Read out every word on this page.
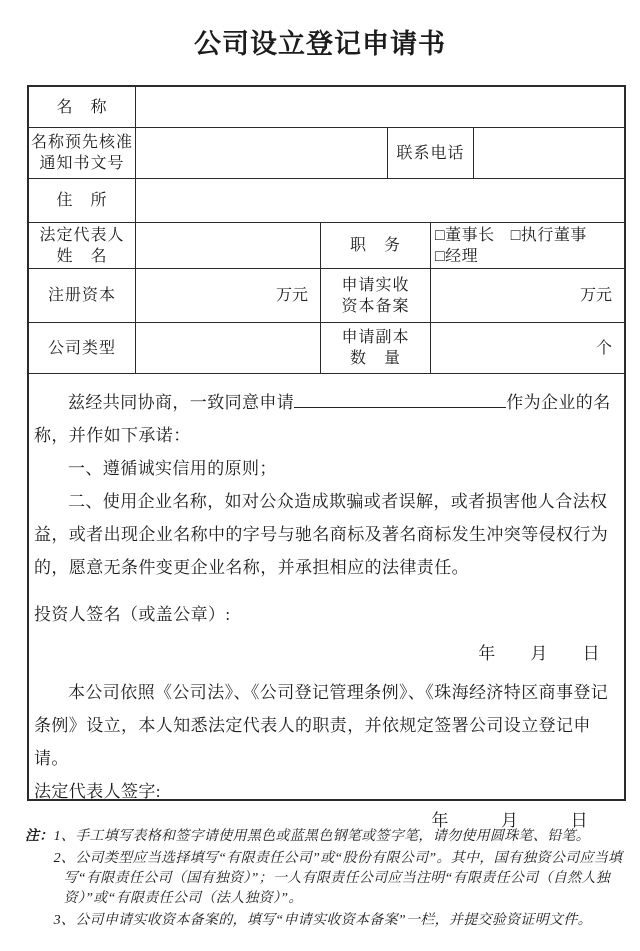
公司设立登记申请书
名　称
名称预先核准
通知书文号
联系电话
住　所
法定代表人
姓　名
职　务
□董事长 □执行董事
□经理
注册资本	万元
申请实收
资本备案
万元
公司类型
申请副本
数　量
个

兹经共同协商，一致同意申请	作为企业的名称，并作如下承诺：

一、遵循诚实信用的原则；

二、使用企业名称，如对公众造成欺骗或者误解，或者损害他人合法权益，或者出现企业名称中的字号与驰名商标及著名商标发生冲突等侵权行为的，愿意无条件变更企业名称，并承担相应的法律责任。

投资人签名（或盖公章）:

年　　月　　日

本公司依照《公司法》、《公司登记管理条例》、《珠海经济特区商事登记条例》设立，本人知悉法定代表人的职责，并依规定签署公司设立登记申请。

法定代表人签字:

年　　　月　　　日

注： 1、手工填写表格和签字请使用黑色或蓝黑色钢笔或签字笔，请勿使用圆珠笔、铅笔。
2、公司类型应当选择填写“有限责任公司”或“股份有限公司”。其中，国有独资公司应当填写“有限责任公司（国有独资）”；一人有限责任公司应当注明“有限责任公司（自然人独资）”或“有限责任公司（法人独资）”。
3、公司申请实收资本备案的，填写“申请实收资本备案”一栏，并提交验资证明文件。
